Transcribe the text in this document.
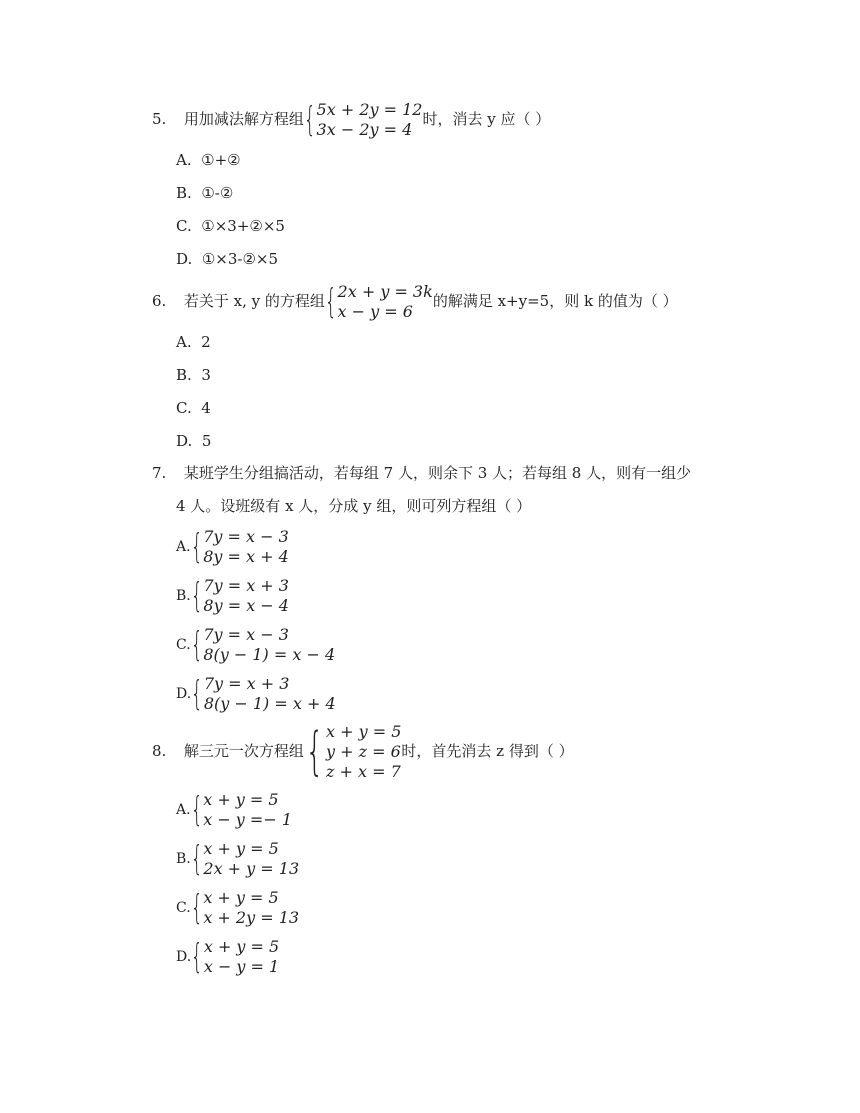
5. 用加减法解方程组 { 5x + 2y = 12
3x − 2y = 4
时，消去 y 应（ ）
A. ①+②
B. ①-②
C. ①×3+②×5
D. ①×3-②×5
6. 若关于 x, y 的方程组 { 2x + y = 3k
x − y = 6
的解满足 x+y=5，则 k 的值为（ ）
A. 2
B. 3
C. 4
D. 5
7. 某班学生分组搞活动，若每组 7 人，则余下 3 人；若每组 8 人，则有一组少
4 人。设班级有 x 人，分成 y 组，则可列方程组（ ）
A. { 7y = x − 3
8y = x + 4
B. { 7y = x + 3
8y = x − 4
C. { 7y = x − 3
8(y − 1) = x − 4
D. { 7y = x + 3
8(y − 1) = x + 4
8. 解三元一次方程组 { x + y = 5
y + z = 6
z + x = 7
时，首先消去 z 得到（ ）
A. { x + y = 5
x − y =− 1
B. { x + y = 5
2x + y = 13
C. { x + y = 5
x + 2y = 13
D. { x + y = 5
x − y = 1
